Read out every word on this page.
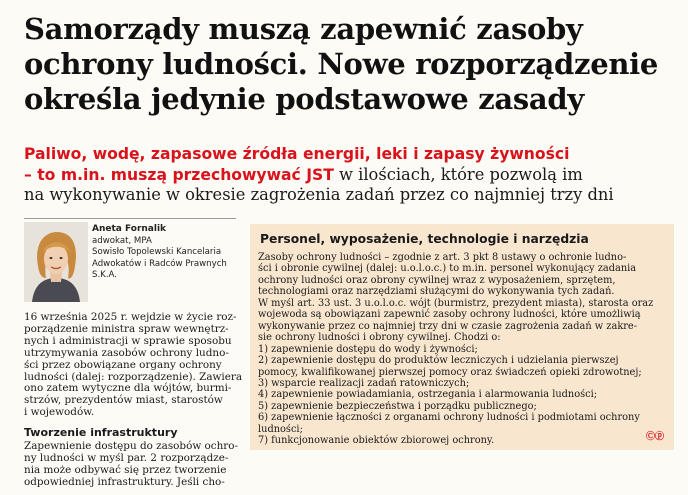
Samorządy muszą zapewnić zasoby
ochrony ludności. Nowe rozporządzenie
określa jedynie podstawowe zasady
Paliwo, wodę, zapasowe źródła energii, leki i zapasy żywności
– to m.in. muszą przechowywać JST w ilościach, które pozwolą im
na wykonywanie w okresie zagrożenia zadań przez co najmniej trzy dni
Aneta Fornalik
adwokat, MPA
Sowisło Topolewski Kancelaria
Adwokatów i Radców Prawnych
S.K.A.
16 września 2025 r. wejdzie w życie roz-
porządzenie ministra spraw wewnętrz-
nych i administracji w sprawie sposobu
utrzymywania zasobów ochrony ludno-
ści przez obowiązane organy ochrony
ludności (dalej: rozporządzenie). Zawiera
ono zatem wytyczne dla wójtów, burmi-
strzów, prezydentów miast, starostów
i wojewodów.
Tworzenie infrastruktury
Zapewnienie dostępu do zasobów ochro-
ny ludności w myśl par. 2 rozporządze-
nia może odbywać się przez tworzenie
odpowiedniej infrastruktury. Jeśli cho-
Personel, wyposażenie, technologie i narzędzia
Zasoby ochrony ludności – zgodnie z art. 3 pkt 8 ustawy o ochronie ludno-
ści i obronie cywilnej (dalej: u.o.l.o.c.) to m.in. personel wykonujący zadania
ochrony ludności oraz obrony cywilnej wraz z wyposażeniem, sprzętem,
technologiami oraz narzędziami służącymi do wykonywania tych zadań.
W myśl art. 33 ust. 3 u.o.l.o.c. wójt (burmistrz, prezydent miasta), starosta oraz
wojewoda są obowiązani zapewnić zasoby ochrony ludności, które umożliwią
wykonywanie przez co najmniej trzy dni w czasie zagrożenia zadań w zakre-
sie ochrony ludności i obrony cywilnej. Chodzi o:
1) zapewnienie dostępu do wody i żywności;
2) zapewnienie dostępu do produktów leczniczych i udzielania pierwszej
pomocy, kwalifikowanej pierwszej pomocy oraz świadczeń opieki zdrowotnej;
3) wsparcie realizacji zadań ratowniczych;
4) zapewnienie powiadamiania, ostrzegania i alarmowania ludności;
5) zapewnienie bezpieczeństwa i porządku publicznego;
6) zapewnienie łączności z organami ochrony ludności i podmiotami ochrony
ludności;
7) funkcjonowanie obiektów zbiorowej ochrony.	Ⓒⓟ
